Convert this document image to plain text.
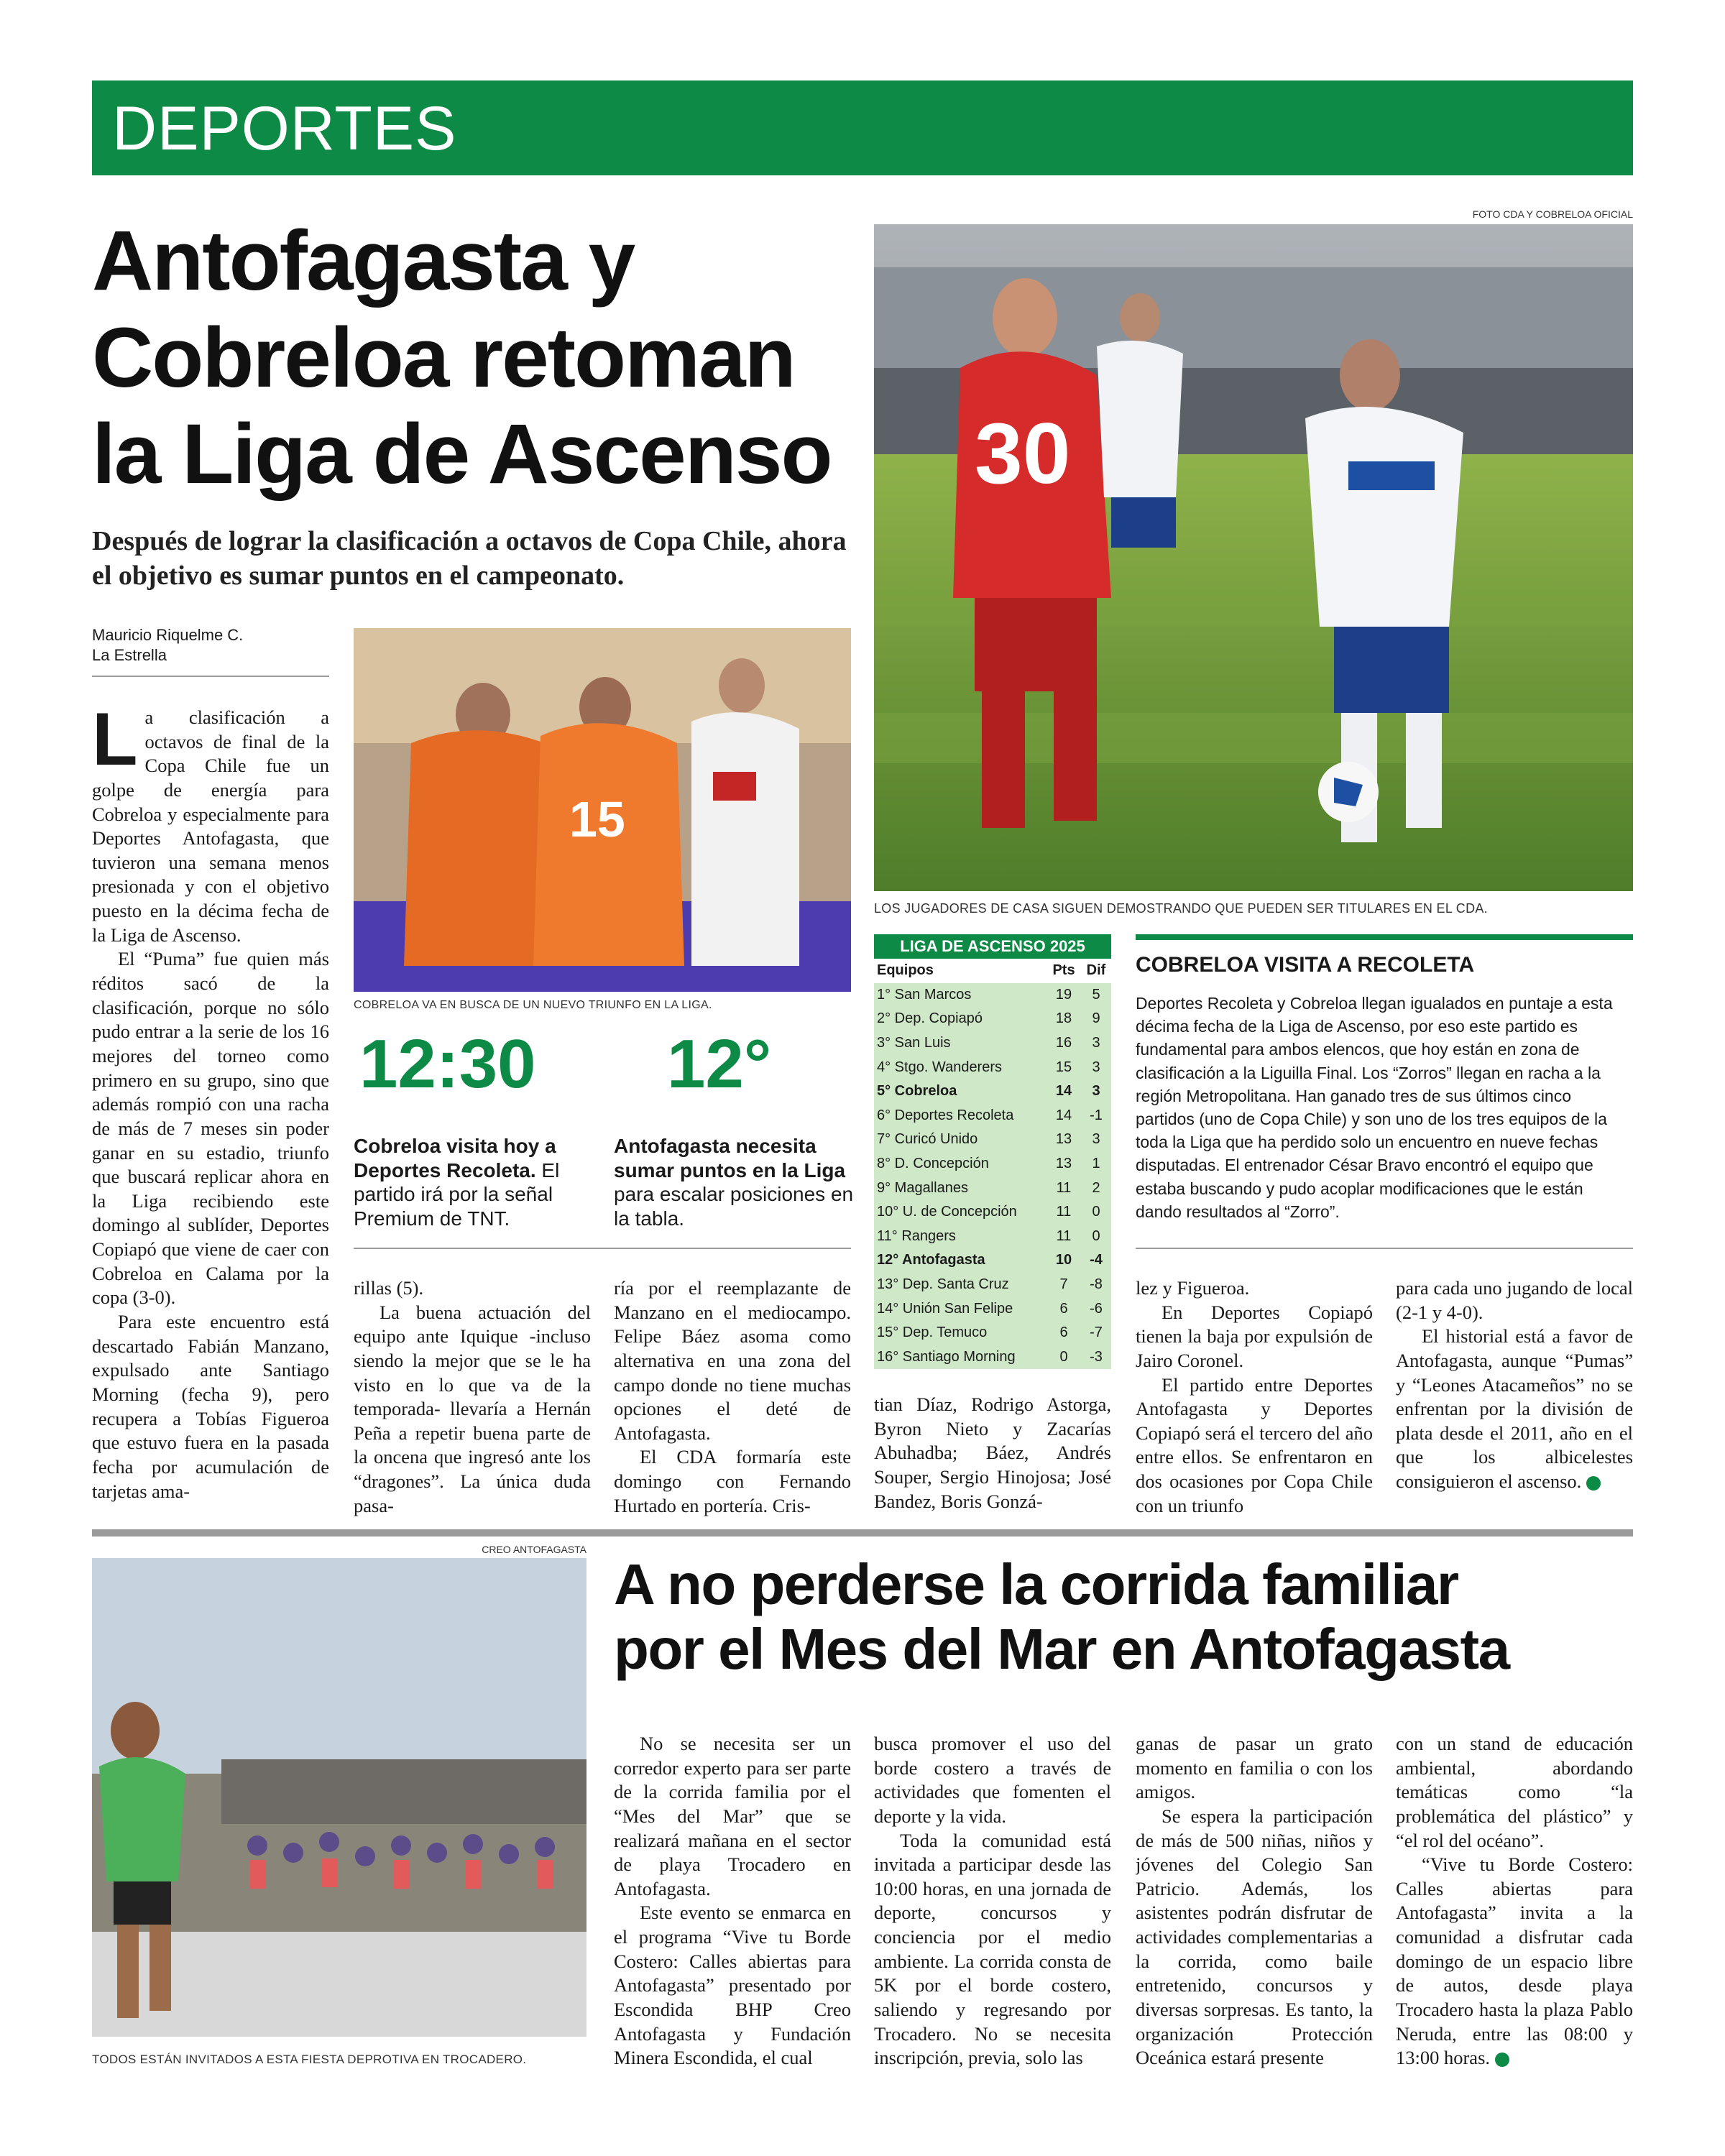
DEPORTES
Antofagasta y
Cobreloa retoman
la Liga de Ascenso
Después de lograr la clasificación a octavos de Copa Chile, ahora el objetivo es sumar puntos en el campeonato.
Mauricio Riquelme C.
La Estrella
FOTO CDA Y COBRELOA OFICIAL
30
LOS JUGADORES DE CASA SIGUEN DEMOSTRANDO QUE PUEDEN SER TITULARES EN EL CDA.
15
COBRELOA VA EN BUSCA DE UN NUEVO TRIUNFO EN LA LIGA.

La clasificación a octavos de final de la Copa Chile fue un golpe de energía para Cobreloa y especialmente para Deportes Antofagasta, que tuvieron una semana menos presionada y con el objetivo puesto en la décima fecha de la Liga de Ascenso.

El “Puma” fue quien más réditos sacó de la clasificación, porque no sólo pudo entrar a la serie de los 16 mejores del torneo como primero en su grupo, sino que además rompió con una racha de más de 7 meses sin poder ganar en su estadio, triunfo que buscará replicar ahora en la Liga recibiendo este domingo al sublíder, Deportes Copiapó que viene de caer con Cobreloa en Calama por la copa (3-0).

Para este encuentro está descartado Fabián Manzano, expulsado ante Santiago Morning (fecha 9), pero recupera a Tobías Figueroa que estuvo fuera en la pasada fecha por acumulación de tarjetas ama-

12:30 12°
Cobreloa visita hoy a Deportes Recoleta. El partido irá por la señal Premium de TNT.
Antofagasta necesita sumar puntos en la Liga para escalar posiciones en la tabla.

rillas (5).

La buena actuación del equipo ante Iquique -incluso siendo la mejor que se le ha visto en lo que va de la temporada- llevaría a Hernán Peña a repetir buena parte de la oncena que ingresó ante los “dragones”. La única duda pasa-

ría por el reemplazante de Manzano en el mediocampo. Felipe Báez asoma como alternativa en una zona del campo donde no tiene muchas opciones el deté de Antofagasta.

El CDA formaría este domingo con Fernando Hurtado en portería. Cris-

LIGA DE ASCENSO 2025
Equipos	Pts	Dif
1° San Marcos	19	5
2° Dep. Copiapó	18	9
3° San Luis	16	3
4° Stgo. Wanderers	15	3
5° Cobreloa	14	3
6° Deportes Recoleta	14	-1
7° Curicó Unido	13	3
8° D. Concepción	13	1
9° Magallanes	11	2
10° U. de Concepción	11	0
11° Rangers	11	0
12° Antofagasta	10	-4
13° Dep. Santa Cruz	7	-8
14° Unión San Felipe	6	-6
15° Dep. Temuco	6	-7
16° Santiago Morning	0	-3

tian Díaz, Rodrigo Astorga, Byron Nieto y Zacarías Abuhadba; Báez, Andrés Souper, Sergio Hinojosa; José Bandez, Boris Gonzá-

COBRELOA VISITA A RECOLETA
Deportes Recoleta y Cobreloa llegan igualados en puntaje a esta décima fecha de la Liga de Ascenso, por eso este partido es fundamental para ambos elencos, que hoy están en zona de clasificación a la Liguilla Final. Los “Zorros” llegan en racha a la región Metropolitana. Han ganado tres de sus últimos cinco partidos (uno de Copa Chile) y son uno de los tres equipos de la toda la Liga que ha perdido solo un encuentro en nueve fechas disputadas. El entrenador César Bravo encontró el equipo que estaba buscando y pudo acoplar modificaciones que le están dando resultados al “Zorro”.

lez y Figueroa.

En Deportes Copiapó tienen la baja por expulsión de Jairo Coronel.

El partido entre Deportes Antofagasta y Deportes Copiapó será el tercero del año entre ellos. Se enfrentaron en dos ocasiones por Copa Chile con un triunfo

para cada uno jugando de local (2-1 y 4-0).

El historial está a favor de Antofagasta, aunque “Pumas” y “Leones Atacameños” no se enfrentan por la división de plata desde el 2011, año en el que los albicelestes consiguieron el ascenso.	✚

CREO ANTOFAGASTA
TODOS ESTÁN INVITADOS A ESTA FIESTA DEPROTIVA EN TROCADERO.
A no perderse la corrida familiar
por el Mes del Mar en Antofagasta

No se necesita ser un corredor experto para ser parte de la corrida familia por el “Mes del Mar” que se realizará mañana en el sector de playa Trocadero en Antofagasta.

Este evento se enmarca en el programa “Vive tu Borde Costero: Calles abiertas para Antofagasta” presentado por Escondida BHP Creo Antofagasta y Fundación Minera Escondida, el cual

busca promover el uso del borde costero a través de actividades que fomenten el deporte y la vida.

Toda la comunidad está invitada a participar desde las 10:00 horas, en una jornada de deporte, concursos y conciencia por el medio ambiente. La corrida consta de 5K por el borde costero, saliendo y regresando por Trocadero. No se necesita inscripción, previa, solo las

ganas de pasar un grato momento en familia o con los amigos.

Se espera la participación de más de 500 niñas, niños y jóvenes del Colegio San Patricio. Además, los asistentes podrán disfrutar de actividades complementarias a la corrida, como baile entretenido, concursos y diversas sorpresas. Es tanto, la organización Protección Oceánica estará presente

con un stand de educación ambiental, abordando temáticas como “la problemática del plástico” y “el rol del océano”.

“Vive tu Borde Costero: Calles abiertas para Antofagasta” invita a la comunidad a disfrutar cada domingo de un espacio libre de autos, desde playa Trocadero hasta la plaza Pablo Neruda, entre las 08:00 y 13:00 horas.	✚
